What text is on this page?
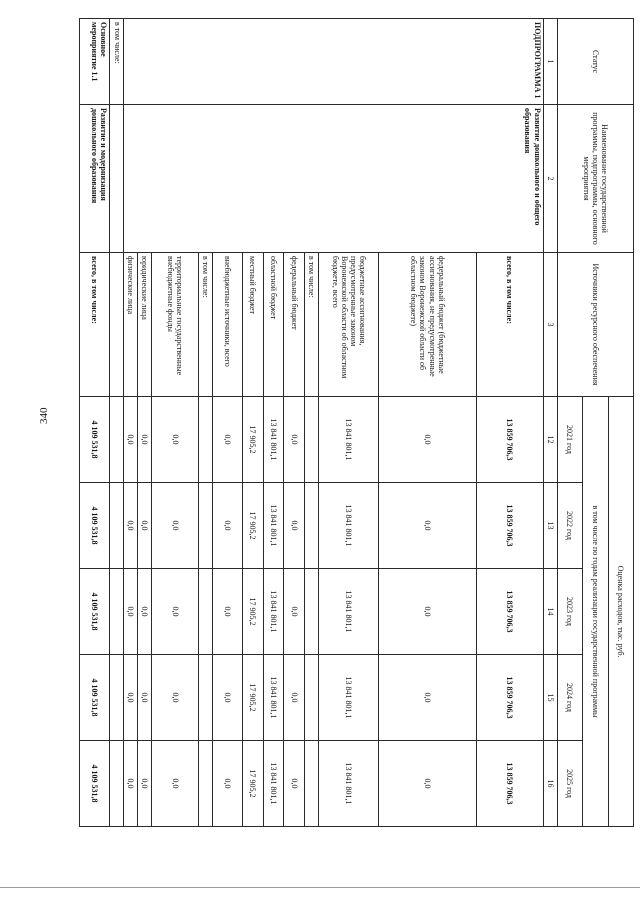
340
Статус	Наименование государственной программы, подпрограммы, основного мероприятия	Источники ресурсного обеспечения	Оценка расходов, тыс. руб.				
			в том числе по годам реализации государственной программы				
			2021 год	2022 год	2023 год	2024 год	2025 год
1	2	3	12	13	14	15	16
ПОДПРОГРАММА 1	Развитие дошкольного и общего образования	всего, в том числе:	13 859 706,3	13 859 706,3	13 859 706,3	13 859 706,3	13 859 706,3
		федеральный бюджет (бюджетные ассигнования, не предусмотренные законом Воронежской области об областном бюджете)	0,0	0,0	0,0	0,0	0,0
		бюджетные ассигнования, предусмотренные законом Воронежской области об областном бюджете, всего	13 841 801,1	13 841 801,1	13 841 801,1	13 841 801,1	13 841 801,1
		в том числе:					
		федеральный бюджет	0,0	0,0	0,0	0,0	0,0
		областной бюджет	13 841 801,1	13 841 801,1	13 841 801,1	13 841 801,1	13 841 801,1
		местный бюджет	17 905,2	17 905,2	17 905,2	17 905,2	17 905,2
		внебюджетные источники, всего	0,0	0,0	0,0	0,0	0,0
		в том числе:					
		территориальные государственные внебюджетные фонды	0,0	0,0	0,0	0,0	0,0
		юридические лица	0,0	0,0	0,0	0,0	0,0
		физические лица	0,0	0,0	0,0	0,0	0,0
в том числе:							
Основное мероприятие 1.1	Развитие и модернизация дошкольного образования	всего, в том числе:	4 109 531,8	4 109 531,8	4 109 531,8	4 109 531,8	4 109 531,8
